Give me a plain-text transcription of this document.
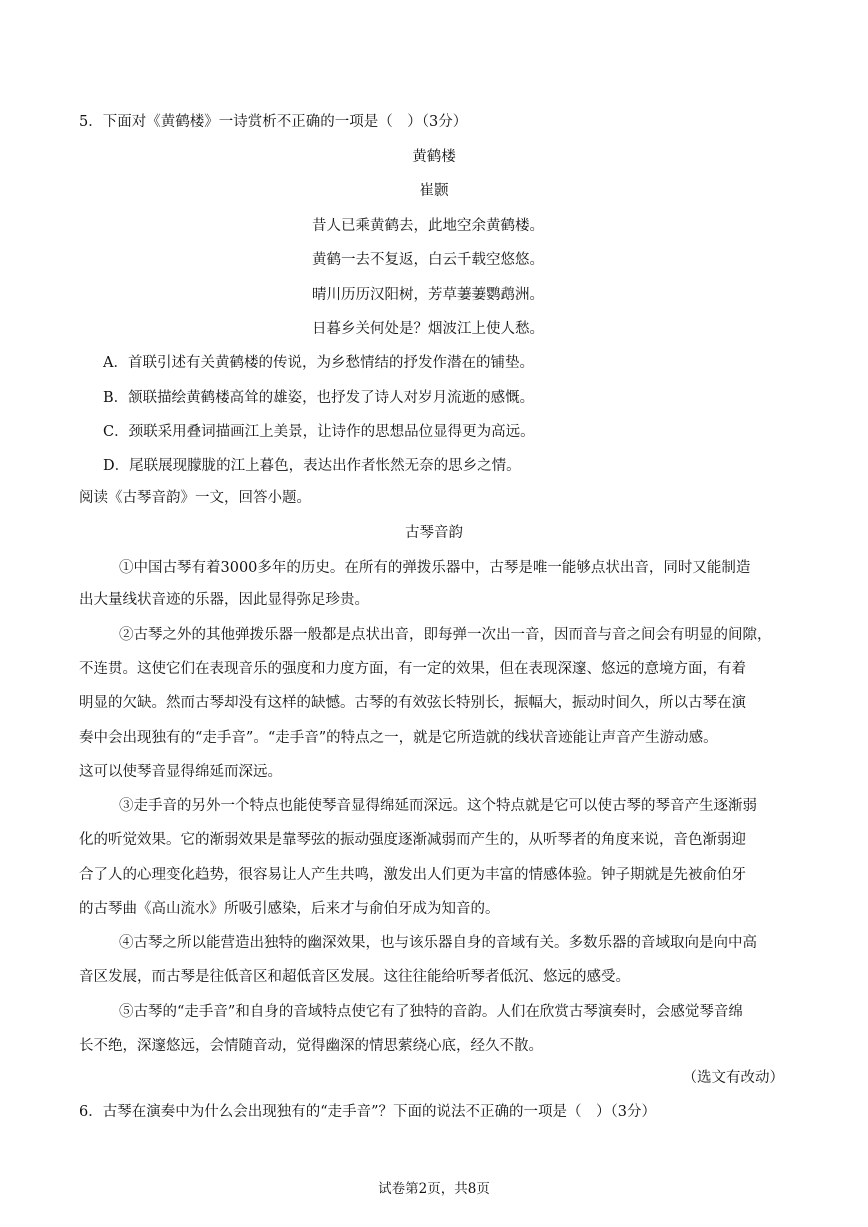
5．下面对《黄鹤楼》一诗赏析不正确的一项是（　）（3分）
黄鹤楼
崔颢
昔人已乘黄鹤去，此地空余黄鹤楼。
黄鹤一去不复返，白云千载空悠悠。
晴川历历汉阳树，芳草萋萋鹦鹉洲。
日暮乡关何处是？烟波江上使人愁。
A．首联引述有关黄鹤楼的传说，为乡愁情结的抒发作潜在的铺垫。
B．颔联描绘黄鹤楼高耸的雄姿，也抒发了诗人对岁月流逝的感慨。
C．颈联采用叠词描画江上美景，让诗作的思想品位显得更为高远。
D．尾联展现朦胧的江上暮色，表达出作者怅然无奈的思乡之情。
阅读《古琴音韵》一文，回答小题。
古琴音韵
①中国古琴有着3000多年的历史。在所有的弹拨乐器中，古琴是唯一能够点状出音，同时又能制造
出大量线状音迹的乐器，因此显得弥足珍贵。
②古琴之外的其他弹拨乐器一般都是点状出音，即每弹一次出一音，因而音与音之间会有明显的间隙，
不连贯。这使它们在表现音乐的强度和力度方面，有一定的效果，但在表现深邃、悠远的意境方面，有着
明显的欠缺。然而古琴却没有这样的缺憾。古琴的有效弦长特别长，振幅大，振动时间久，所以古琴在演
奏中会出现独有的“走手音”。“走手音”的特点之一，就是它所造就的线状音迹能让声音产生游动感。
这可以使琴音显得绵延而深远。
③走手音的另外一个特点也能使琴音显得绵延而深远。这个特点就是它可以使古琴的琴音产生逐渐弱
化的听觉效果。它的渐弱效果是靠琴弦的振动强度逐渐减弱而产生的，从听琴者的角度来说，音色渐弱迎
合了人的心理变化趋势，很容易让人产生共鸣，激发出人们更为丰富的情感体验。钟子期就是先被俞伯牙
的古琴曲《高山流水》所吸引感染，后来才与俞伯牙成为知音的。
④古琴之所以能营造出独特的幽深效果，也与该乐器自身的音域有关。多数乐器的音域取向是向中高
音区发展，而古琴是往低音区和超低音区发展。这往往能给听琴者低沉、悠远的感受。
⑤古琴的“走手音”和自身的音域特点使它有了独特的音韵。人们在欣赏古琴演奏时，会感觉琴音绵
长不绝，深邃悠远，会情随音动，觉得幽深的情思萦绕心底，经久不散。
（选文有改动）
6．古琴在演奏中为什么会出现独有的“走手音”？下面的说法不正确的一项是（　）（3分）
试卷第2页，共8页
